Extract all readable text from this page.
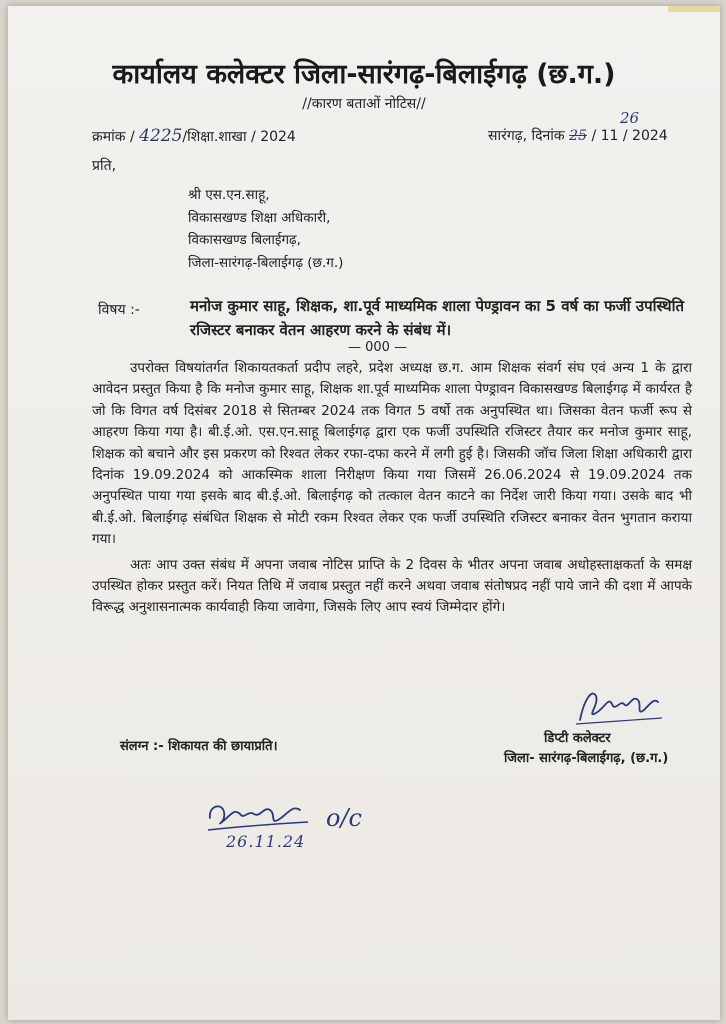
कार्यालय कलेक्टर जिला-सारंगढ़-बिलाईगढ़ (छ.ग.)
//कारण बताओं नोटिस//
क्रमांक / 4225/शिक्षा.शाखा / 2024
26
सारंगढ़, दिनांक 25 / 11 / 2024
प्रति,
श्री एस.एन.साहू,
विकासखण्ड शिक्षा अधिकारी,
विकासखण्ड बिलाईगढ़,
जिला-सारंगढ़-बिलाईगढ़ (छ.ग.)
विषय :-	मनोज कुमार साहू, शिक्षक, शा.पूर्व माध्यमिक शाला पेण्ड्रावन का 5 वर्ष का फर्जी उपस्थिति रजिस्टर बनाकर वेतन आहरण करने के संबंध में।
— 000 —

उपरोक्त विषयांतर्गत शिकायतकर्ता प्रदीप लहरे, प्रदेश अध्यक्ष छ.ग. आम शिक्षक संवर्ग संघ एवं अन्य 1 के द्वारा आवेदन प्रस्तुत किया है कि मनोज कुमार साहू, शिक्षक शा.पूर्व माध्यमिक शाला पेण्ड्रावन विकासखण्ड बिलाईगढ़ में कार्यरत है जो कि विगत वर्ष दिसंबर 2018 से सितम्बर 2024 तक विगत 5 वर्षो तक अनुपस्थित था। जिसका वेतन फर्जी रूप से आहरण किया गया है। बी.ई.ओ. एस.एन.साहू बिलाईगढ़ द्वारा एक फर्जी उपस्थिति रजिस्टर तैयार कर मनोज कुमार साहू, शिक्षक को बचाने और इस प्रकरण को रिश्वत लेकर रफा-दफा करने में लगी हुई है। जिसकी जॉच जिला शिक्षा अधिकारी द्वारा दिनांक 19.09.2024 को आकस्मिक शाला निरीक्षण किया गया जिसमें 26.06.2024 से 19.09.2024 तक अनुपस्थित पाया गया इसके बाद बी.ई.ओ. बिलाईगढ़ को तत्काल वेतन काटने का निर्देश जारी किया गया। उसके बाद भी बी.ई.ओ. बिलाईगढ़ संबंधित शिक्षक से मोटी रकम रिश्वत लेकर एक फर्जी उपस्थिति रजिस्टर बनाकर वेतन भुगतान कराया गया।

अतः आप उक्त संबंध में अपना जवाब नोटिस प्राप्ति के 2 दिवस के भीतर अपना जवाब अधोहस्ताक्षकर्ता के समक्ष उपस्थित होकर प्रस्तुत करें। नियत तिथि में जवाब प्रस्तुत नहीं करने अथवा जवाब संतोषप्रद नहीं पाये जाने की दशा में आपके विरूद्ध अनुशासनात्मक कार्यवाही किया जावेगा, जिसके लिए आप स्वयं जिम्मेदार होंगे।

डिप्टी कलेक्टर
जिला- सारंगढ़-बिलाईगढ़, (छ.ग.)
संलग्न :- शिकायत की छायाप्रति।
o/c
26.11.24
